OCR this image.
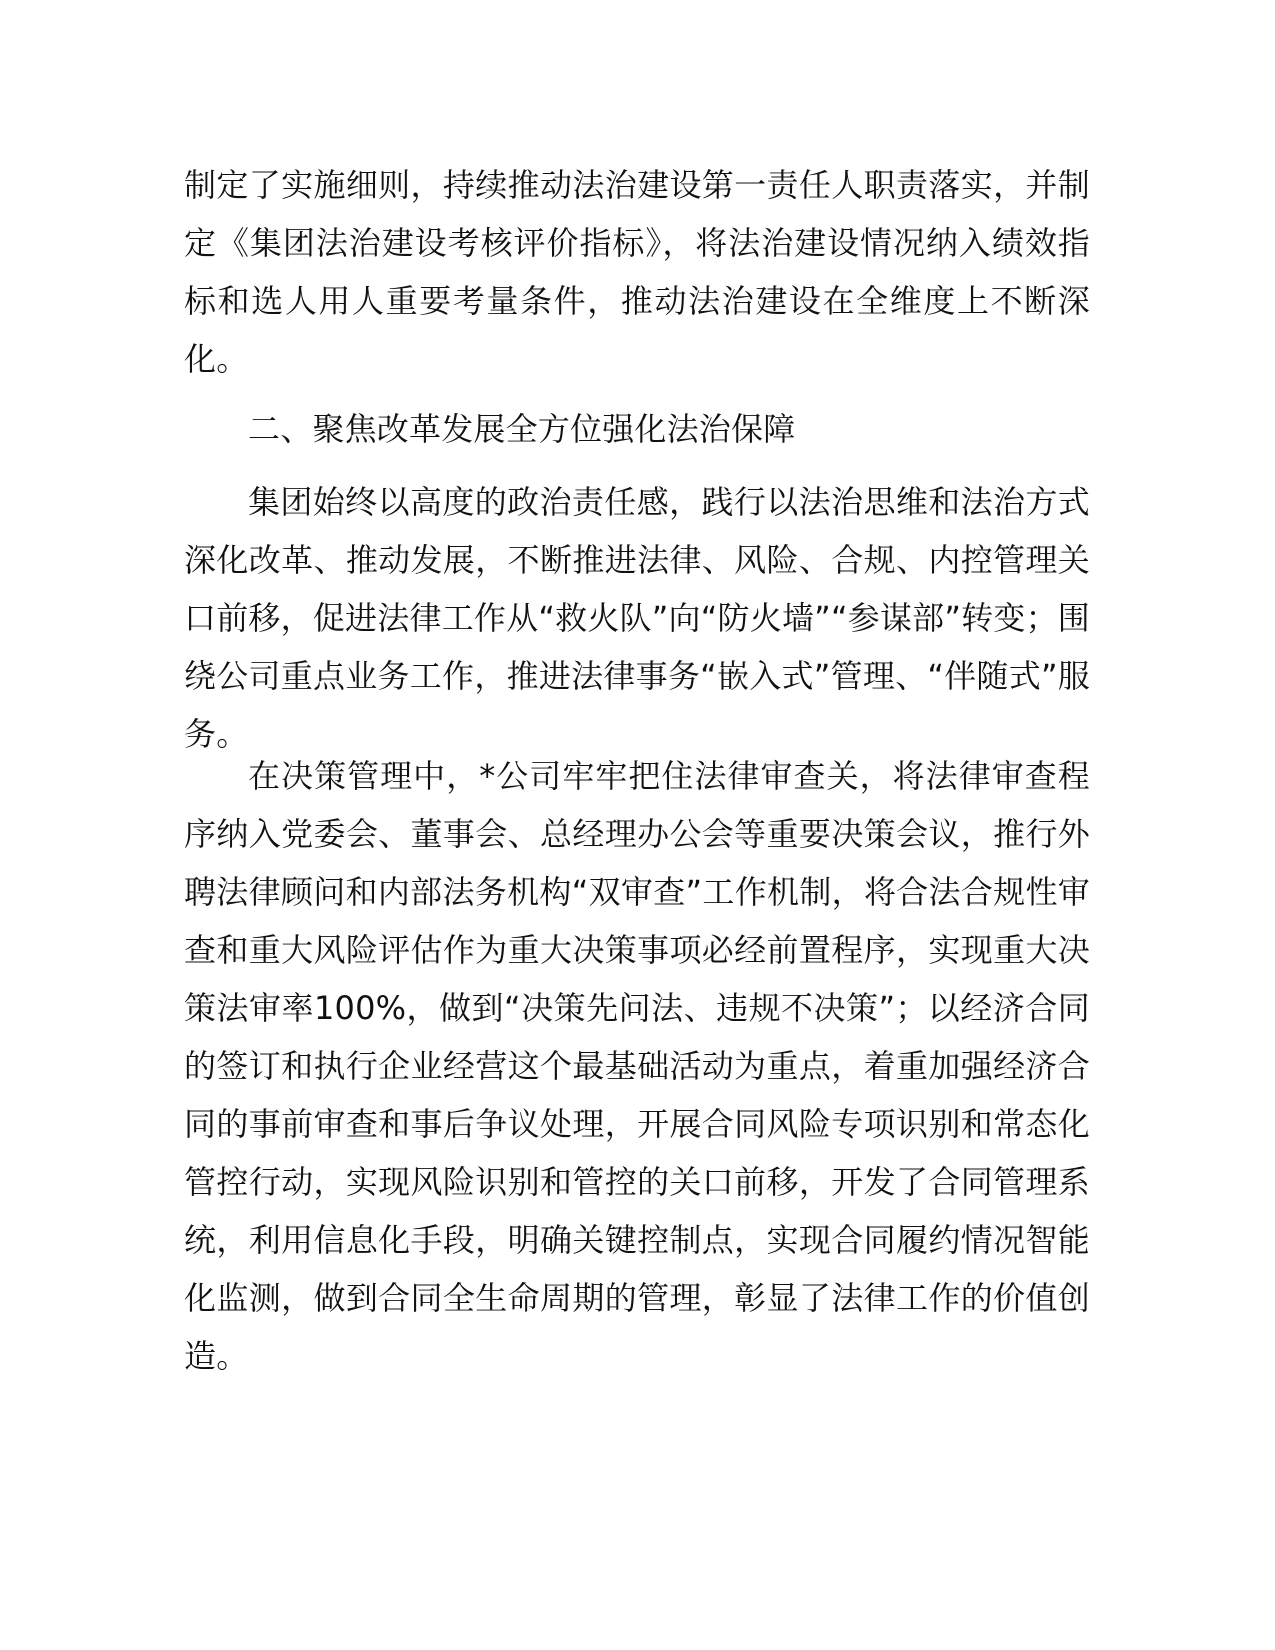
制定了实施细则，持续推动法治建设第一责任人职责落实，并制定《集团法治建设考核评价指标》，将法治建设情况纳入绩效指标和选人用人重要考量条件，推动法治建设在全维度上不断深化。

二、聚焦改革发展全方位强化法治保障

集团始终以高度的政治责任感，践行以法治思维和法治方式深化改革、推动发展，不断推进法律、风险、合规、内控管理关口前移，促进法律工作从“救火队”向“防火墙”“参谋部”转变；围绕公司重点业务工作，推进法律事务“嵌入式”管理、“伴随式”服务。

在决策管理中，*公司牢牢把住法律审查关，将法律审查程序纳入党委会、董事会、总经理办公会等重要决策会议，推行外聘法律顾问和内部法务机构“双审查”工作机制，将合法合规性审查和重大风险评估作为重大决策事项必经前置程序，实现重大决策法审率100%，做到“决策先问法、违规不决策”；以经济合同的签订和执行企业经营这个最基础活动为重点，着重加强经济合同的事前审查和事后争议处理，开展合同风险专项识别和常态化管控行动，实现风险识别和管控的关口前移，开发了合同管理系统，利用信息化手段，明确关键控制点，实现合同履约情况智能化监测，做到合同全生命周期的管理，彰显了法律工作的价值创造。
